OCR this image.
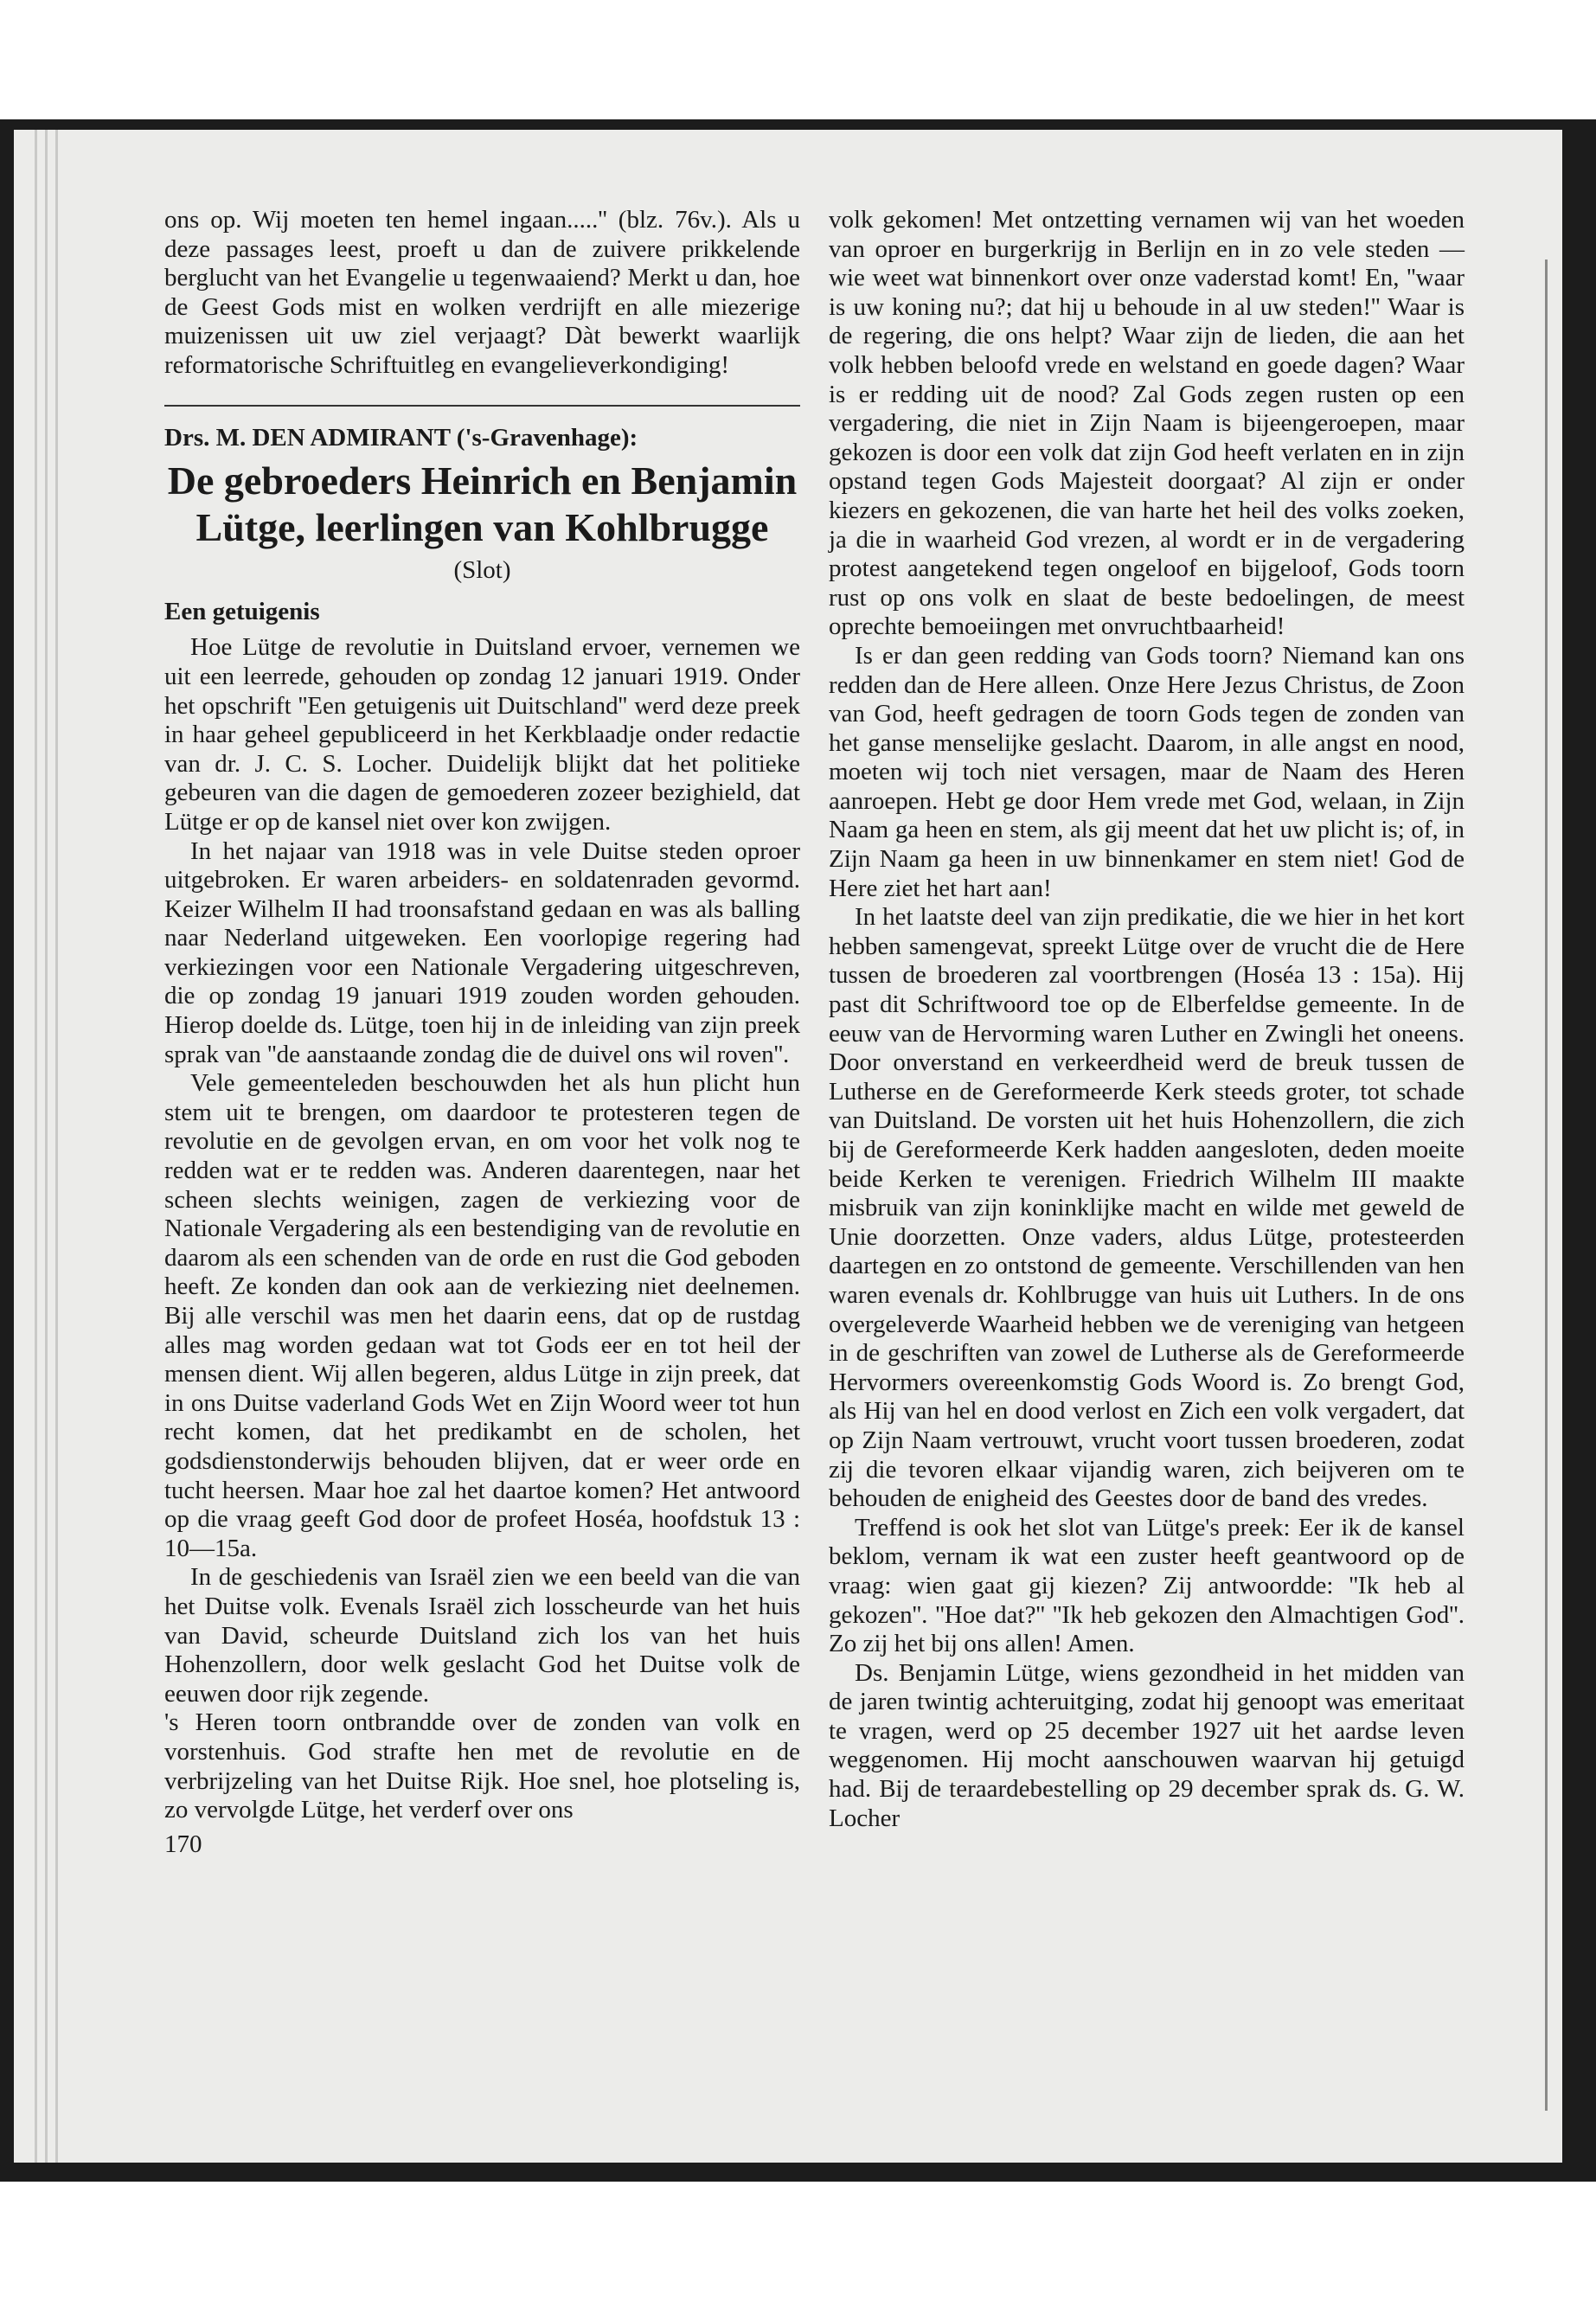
ons op. Wij moeten ten hemel ingaan.....'' (blz. 76v.). Als u deze passages leest, proeft u dan de zuivere prikkelende berglucht van het Evangelie u tegenwaaiend? Merkt u dan, hoe de Geest Gods mist en wolken verdrijft en alle miezerige muizenissen uit uw ziel verjaagt? Dàt bewerkt waarlijk reformatorische Schriftuitleg en evangelieverkondiging!

Drs. M. DEN ADMIRANT ('s-Gravenhage):
De gebroeders Heinrich en Benjamin
Lütge, leerlingen van Kohlbrugge
(Slot)
Een getuigenis

Hoe Lütge de revolutie in Duitsland ervoer, vernemen we uit een leerrede, gehouden op zondag 12 januari 1919. Onder het opschrift ''Een getuigenis uit Duitschland'' werd deze preek in haar geheel gepubliceerd in het Kerkblaadje onder redactie van dr. J. C. S. Locher. Duidelijk blijkt dat het politieke gebeuren van die dagen de gemoederen zozeer bezighield, dat Lütge er op de kansel niet over kon zwijgen.

In het najaar van 1918 was in vele Duitse steden oproer uitgebroken. Er waren arbeiders- en soldatenraden gevormd. Keizer Wilhelm II had troonsafstand gedaan en was als balling naar Nederland uitgeweken. Een voorlopige regering had verkiezingen voor een Nationale Vergadering uitgeschreven, die op zondag 19 januari 1919 zouden worden gehouden. Hierop doelde ds. Lütge, toen hij in de inleiding van zijn preek sprak van ''de aanstaande zondag die de duivel ons wil roven''.

Vele gemeenteleden beschouwden het als hun plicht hun stem uit te brengen, om daardoor te protesteren tegen de revolutie en de gevolgen ervan, en om voor het volk nog te redden wat er te redden was. Anderen daarentegen, naar het scheen slechts weinigen, zagen de verkiezing voor de Nationale Vergadering als een bestendiging van de revolutie en daarom als een schenden van de orde en rust die God geboden heeft. Ze konden dan ook aan de verkiezing niet deelnemen. Bij alle verschil was men het daarin eens, dat op de rustdag alles mag worden gedaan wat tot Gods eer en tot heil der mensen dient. Wij allen begeren, aldus Lütge in zijn preek, dat in ons Duitse vaderland Gods Wet en Zijn Woord weer tot hun recht komen, dat het predikambt en de scholen, het godsdienstonderwijs behouden blijven, dat er weer orde en tucht heersen. Maar hoe zal het daartoe komen? Het antwoord op die vraag geeft God door de profeet Hoséa, hoofdstuk 13 : 10—15a.

In de geschiedenis van Israël zien we een beeld van die van het Duitse volk. Evenals Israël zich losscheurde van het huis van David, scheurde Duitsland zich los van het huis Hohenzollern, door welk geslacht God het Duitse volk de eeuwen door rijk zegende.

's Heren toorn ontbrandde over de zonden van volk en vorstenhuis. God strafte hen met de revolutie en de verbrijzeling van het Duitse Rijk. Hoe snel, hoe plotseling is, zo vervolgde Lütge, het verderf over ons

170

volk gekomen! Met ontzetting vernamen wij van het woeden van oproer en burgerkrijg in Berlijn en in zo vele steden — wie weet wat binnenkort over onze vaderstad komt! En, ''waar is uw koning nu?; dat hij u behoude in al uw steden!'' Waar is de regering, die ons helpt? Waar zijn de lieden, die aan het volk hebben beloofd vrede en welstand en goede dagen? Waar is er redding uit de nood? Zal Gods zegen rusten op een vergadering, die niet in Zijn Naam is bijeengeroepen, maar gekozen is door een volk dat zijn God heeft verlaten en in zijn opstand tegen Gods Majesteit doorgaat? Al zijn er onder kiezers en gekozenen, die van harte het heil des volks zoeken, ja die in waarheid God vrezen, al wordt er in de vergadering protest aangetekend tegen ongeloof en bijgeloof, Gods toorn rust op ons volk en slaat de beste bedoelingen, de meest oprechte bemoeiingen met onvruchtbaarheid!

Is er dan geen redding van Gods toorn? Niemand kan ons redden dan de Here alleen. Onze Here Jezus Christus, de Zoon van God, heeft gedragen de toorn Gods tegen de zonden van het ganse menselijke geslacht. Daarom, in alle angst en nood, moeten wij toch niet versagen, maar de Naam des Heren aanroepen. Hebt ge door Hem vrede met God, welaan, in Zijn Naam ga heen en stem, als gij meent dat het uw plicht is; of, in Zijn Naam ga heen in uw binnenkamer en stem niet! God de Here ziet het hart aan!

In het laatste deel van zijn predikatie, die we hier in het kort hebben samengevat, spreekt Lütge over de vrucht die de Here tussen de broederen zal voortbrengen (Hoséa 13 : 15a). Hij past dit Schriftwoord toe op de Elberfeldse gemeente. In de eeuw van de Hervorming waren Luther en Zwingli het oneens. Door onverstand en verkeerdheid werd de breuk tussen de Lutherse en de Gereformeerde Kerk steeds groter, tot schade van Duitsland. De vorsten uit het huis Hohenzollern, die zich bij de Gereformeerde Kerk hadden aangesloten, deden moeite beide Kerken te verenigen. Friedrich Wilhelm III maakte misbruik van zijn koninklijke macht en wilde met geweld de Unie doorzetten. Onze vaders, aldus Lütge, protesteerden daartegen en zo ontstond de gemeente. Verschillenden van hen waren evenals dr. Kohlbrugge van huis uit Luthers. In de ons overgeleverde Waarheid hebben we de vereniging van hetgeen in de geschriften van zowel de Lutherse als de Gereformeerde Hervormers overeenkomstig Gods Woord is. Zo brengt God, als Hij van hel en dood verlost en Zich een volk vergadert, dat op Zijn Naam vertrouwt, vrucht voort tussen broederen, zodat zij die tevoren elkaar vijandig waren, zich beijveren om te behouden de enigheid des Geestes door de band des vredes.

Treffend is ook het slot van Lütge's preek: Eer ik de kansel beklom, vernam ik wat een zuster heeft geantwoord op de vraag: wien gaat gij kiezen? Zij antwoordde: ''Ik heb al gekozen''. ''Hoe dat?'' ''Ik heb gekozen den Almachtigen God''. Zo zij het bij ons allen! Amen.

Ds. Benjamin Lütge, wiens gezondheid in het midden van de jaren twintig achteruitging, zodat hij genoopt was emeritaat te vragen, werd op 25 december 1927 uit het aardse leven weggenomen. Hij mocht aanschouwen waarvan hij getuigd had. Bij de teraardebestelling op 29 december sprak ds. G. W. Locher
